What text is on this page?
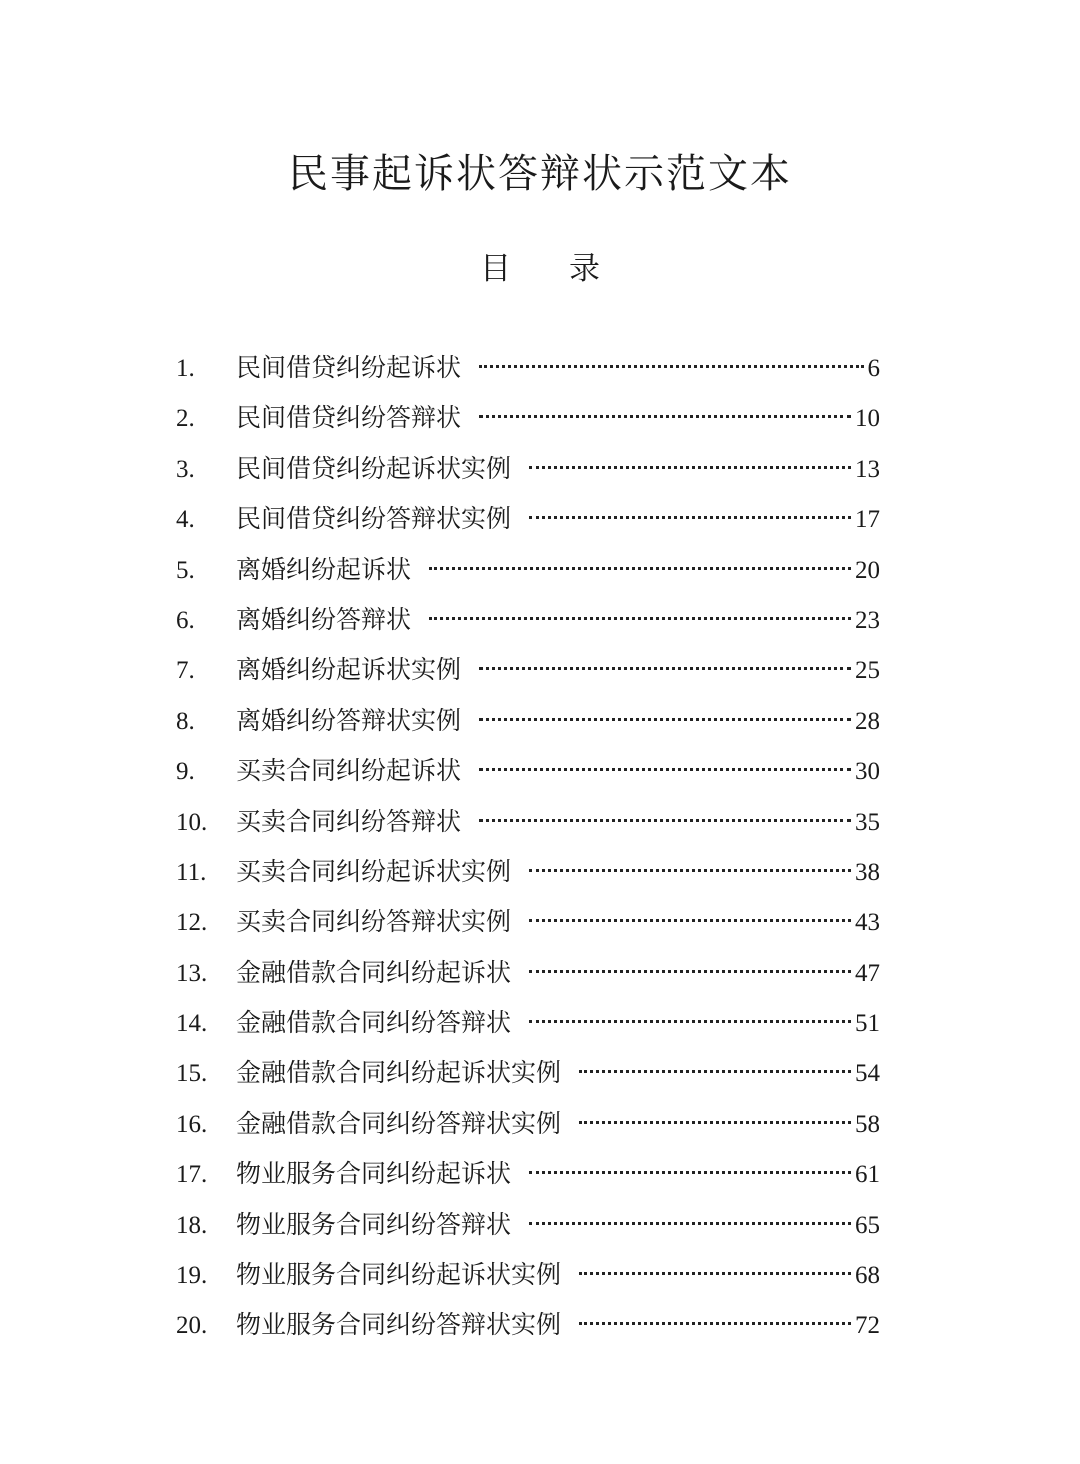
民事起诉状答辩状示范文本
目 录
1.	民间借贷纠纷起诉状	6
2.	民间借贷纠纷答辩状	10
3.	民间借贷纠纷起诉状实例	13
4.	民间借贷纠纷答辩状实例	17
5.	离婚纠纷起诉状	20
6.	离婚纠纷答辩状	23
7.	离婚纠纷起诉状实例	25
8.	离婚纠纷答辩状实例	28
9.	买卖合同纠纷起诉状	30
10.	买卖合同纠纷答辩状	35
11.	买卖合同纠纷起诉状实例	38
12.	买卖合同纠纷答辩状实例	43
13.	金融借款合同纠纷起诉状	47
14.	金融借款合同纠纷答辩状	51
15.	金融借款合同纠纷起诉状实例	54
16.	金融借款合同纠纷答辩状实例	58
17.	物业服务合同纠纷起诉状	61
18.	物业服务合同纠纷答辩状	65
19.	物业服务合同纠纷起诉状实例	68
20.	物业服务合同纠纷答辩状实例	72
